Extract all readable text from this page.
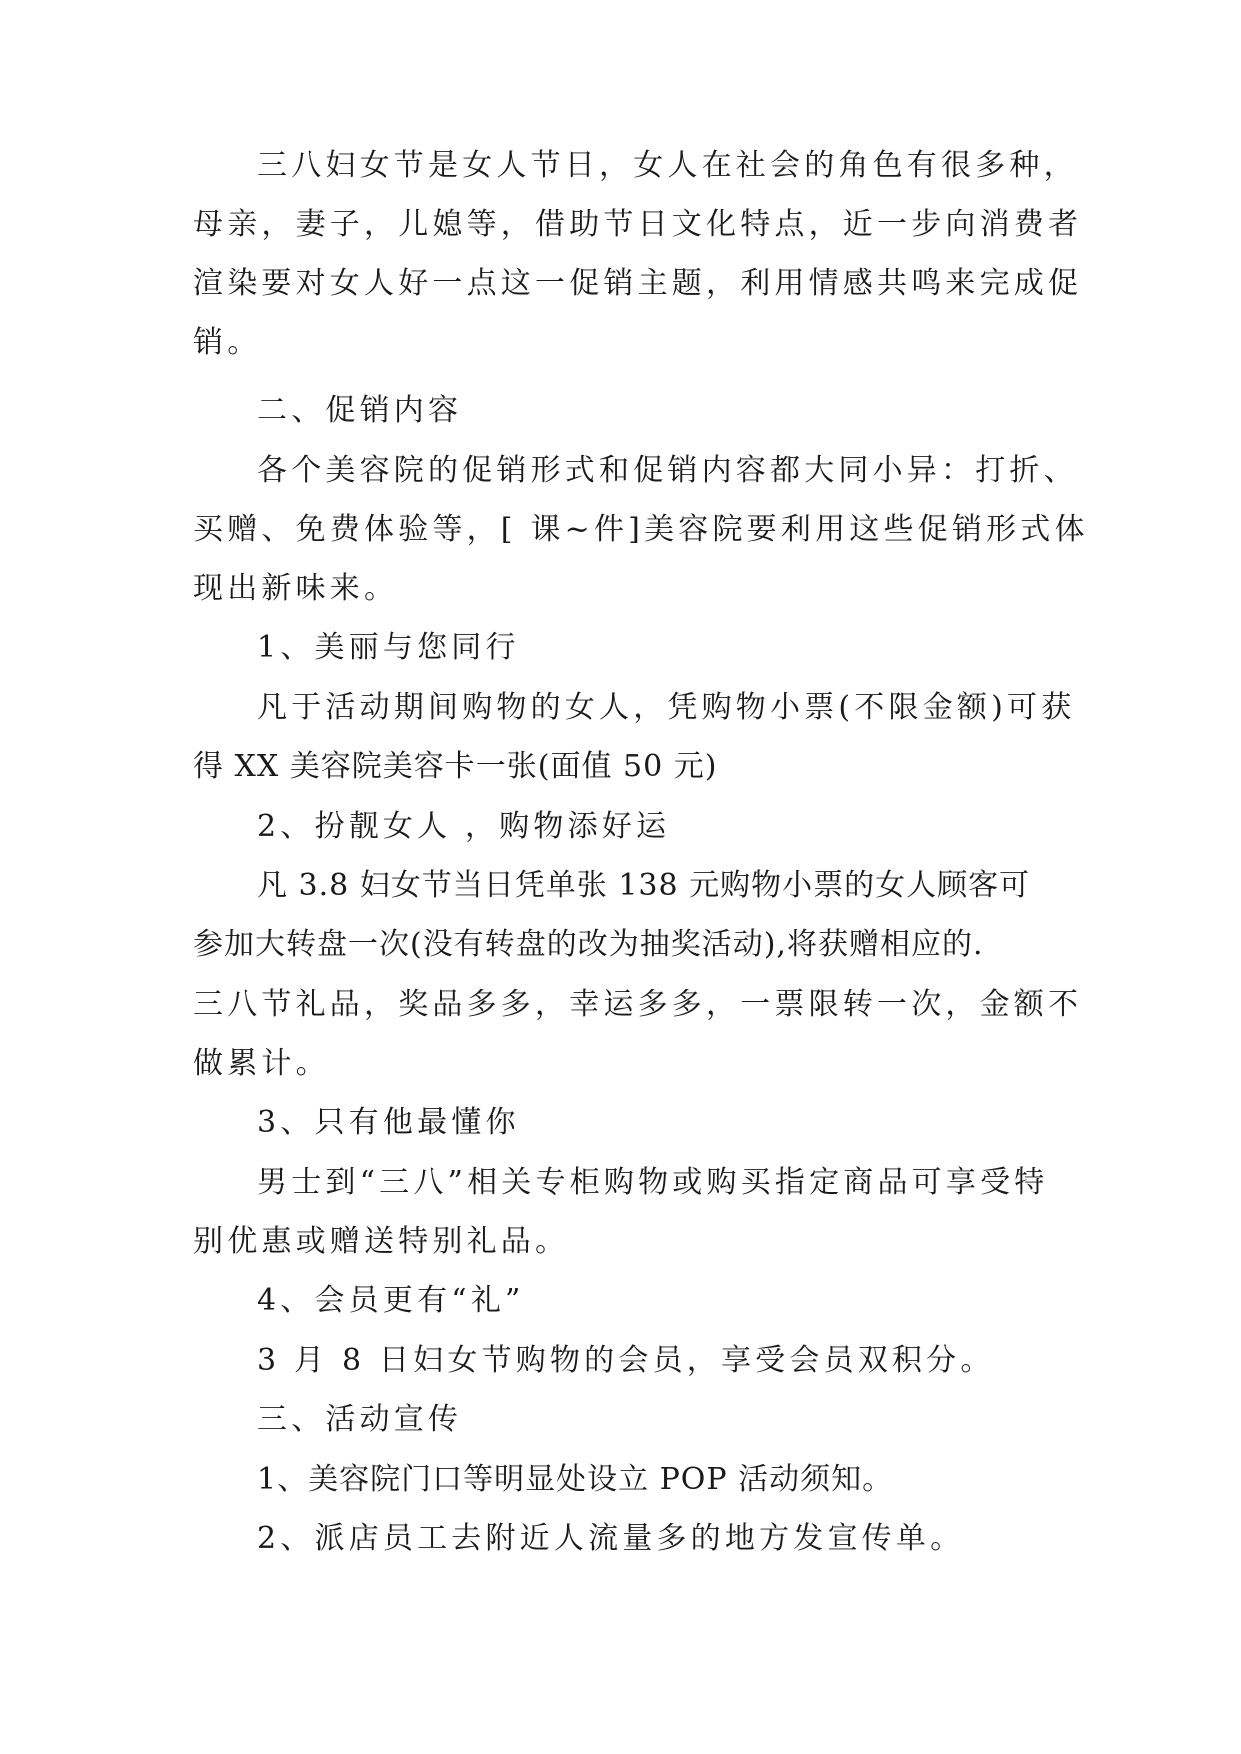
三八妇女节是女人节日，女人在社会的角色有很多种，
母亲，妻子，儿媳等，借助节日文化特点，近一步向消费者
渲染要对女人好一点这一促销主题，利用情感共鸣来完成促
销。
二、促销内容
各个美容院的促销形式和促销内容都大同小异：打折、
买赠、免费体验等，[ 课~件]美容院要利用这些促销形式体
现出新味来。
1、美丽与您同行
凡于活动期间购物的女人，凭购物小票(不限金额)可获
得 XX 美容院美容卡一张(面值 50 元)
2、扮靓女人 ，购物添好运
凡 3.8 妇女节当日凭单张 138 元购物小票的女人顾客可
参加大转盘一次(没有转盘的改为抽奖活动),将获赠相应的.
三八节礼品，奖品多多，幸运多多，一票限转一次，金额不
做累计。
3、只有他最懂你
男士到“三八”相关专柜购物或购买指定商品可享受特
别优惠或赠送特别礼品。
4、会员更有“礼”
3 月 8 日妇女节购物的会员，享受会员双积分。
三、活动宣传
1、美容院门口等明显处设立 POP 活动须知。
2、派店员工去附近人流量多的地方发宣传单。
